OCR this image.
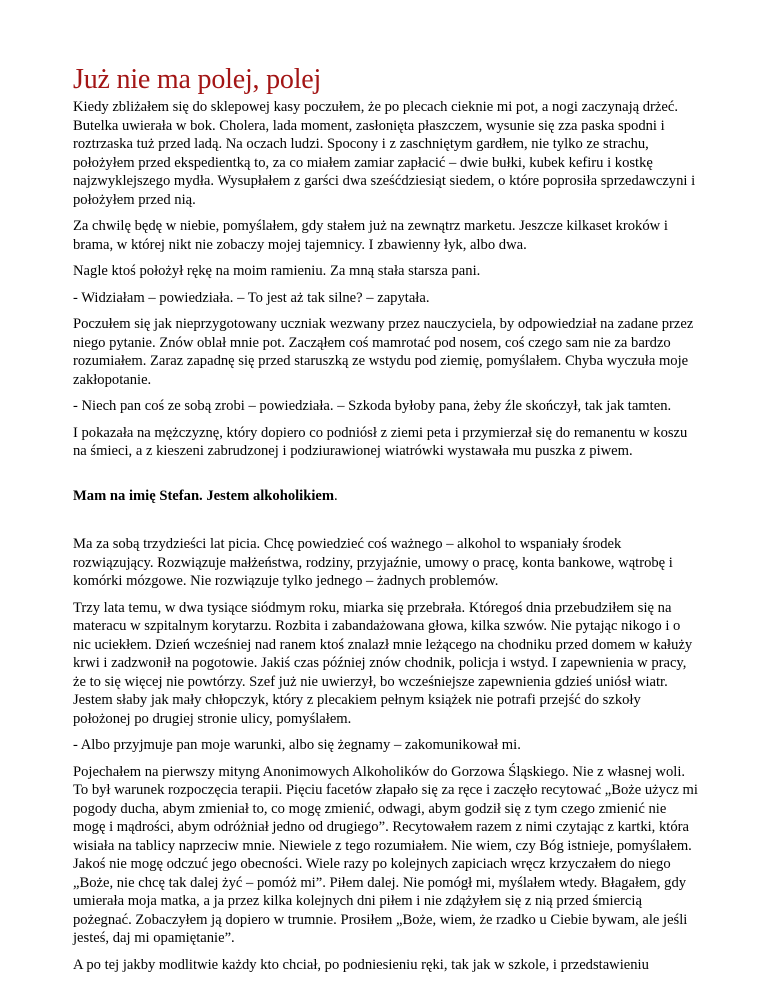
Już nie ma polej, polej

Kiedy zbliżałem się do sklepowej kasy poczułem, że po plecach cieknie mi pot, a nogi zaczynają drżeć. Butelka uwierała w bok. Cholera, lada moment, zasłonięta płaszczem, wysunie się zza paska spodni i roztrzaska tuż przed ladą. Na oczach ludzi. Spocony i z zaschniętym gardłem, nie tylko ze strachu, położyłem przed ekspedientką to, za co miałem zamiar zapłacić – dwie bułki, kubek kefiru i kostkę najzwyklejszego mydła. Wysupłałem z garści dwa sześćdziesiąt siedem, o które poprosiła sprzedawczyni i położyłem przed nią.

Za chwilę będę w niebie, pomyślałem, gdy stałem już na zewnątrz marketu. Jeszcze kilkaset kroków i brama, w której nikt nie zobaczy mojej tajemnicy. I zbawienny łyk, albo dwa.

Nagle ktoś położył rękę na moim ramieniu. Za mną stała starsza pani.

- Widziałam – powiedziała. – To jest aż tak silne? – zapytała.

Poczułem się jak nieprzygotowany uczniak wezwany przez nauczyciela, by odpowiedział na zadane przez niego pytanie. Znów oblał mnie pot. Zacząłem coś mamrotać pod nosem, coś czego sam nie za bardzo rozumiałem. Zaraz zapadnę się przed staruszką ze wstydu pod ziemię, pomyślałem. Chyba wyczuła moje zakłopotanie.

- Niech pan coś ze sobą zrobi – powiedziała. – Szkoda byłoby pana, żeby źle skończył, tak jak tamten.

I pokazała na mężczyznę, który dopiero co podniósł z ziemi peta i przymierzał się do remanentu w koszu na śmieci, a z kieszeni zabrudzonej i podziurawionej wiatrówki wystawała mu puszka z piwem.

Mam na imię Stefan. Jestem alkoholikiem.

Ma za sobą trzydzieści lat picia. Chcę powiedzieć coś ważnego – alkohol to wspaniały środek rozwiązujący. Rozwiązuje małżeństwa, rodziny, przyjaźnie, umowy o pracę, konta bankowe, wątrobę i komórki mózgowe. Nie rozwiązuje tylko jednego – żadnych problemów.

Trzy lata temu, w dwa tysiące siódmym roku, miarka się przebrała. Któregoś dnia przebudziłem się na materacu w szpitalnym korytarzu. Rozbita i zabandażowana głowa, kilka szwów. Nie pytając nikogo i o nic uciekłem. Dzień wcześniej nad ranem ktoś znalazł mnie leżącego na chodniku przed domem w kałuży krwi i zadzwonił na pogotowie. Jakiś czas później znów chodnik, policja i wstyd. I zapewnienia w pracy, że to się więcej nie powtórzy. Szef już nie uwierzył, bo wcześniejsze zapewnienia gdzieś uniósł wiatr. Jestem słaby jak mały chłopczyk, który z plecakiem pełnym książek nie potrafi przejść do szkoły położonej po drugiej stronie ulicy, pomyślałem.

- Albo przyjmuje pan moje warunki, albo się żegnamy – zakomunikował mi.

Pojechałem na pierwszy mityng Anonimowych Alkoholików do Gorzowa Śląskiego. Nie z własnej woli. To był warunek rozpoczęcia terapii. Pięciu facetów złapało się za ręce i zaczęło recytować „Boże użycz mi pogody ducha, abym zmieniał to, co mogę zmienić, odwagi, abym godził się z tym czego zmienić nie mogę i mądrości, abym odróżniał jedno od drugiego”. Recytowałem razem z nimi czytając z kartki, która wisiała na tablicy naprzeciw mnie. Niewiele z tego rozumiałem. Nie wiem, czy Bóg istnieje, pomyślałem. Jakoś nie mogę odczuć jego obecności. Wiele razy po kolejnych zapiciach wręcz krzyczałem do niego „Boże, nie chcę tak dalej żyć – pomóż mi”. Piłem dalej. Nie pomógł mi, myślałem wtedy. Błagałem, gdy umierała moja matka, a ja przez kilka kolejnych dni piłem i nie zdążyłem się z nią przed śmiercią pożegnać. Zobaczyłem ją dopiero w trumnie. Prosiłem „Boże, wiem, że rzadko u Ciebie bywam, ale jeśli jesteś, daj mi opamiętanie”.

A po tej jakby modlitwie każdy kto chciał, po podniesieniu ręki, tak jak w szkole, i przedstawieniu
